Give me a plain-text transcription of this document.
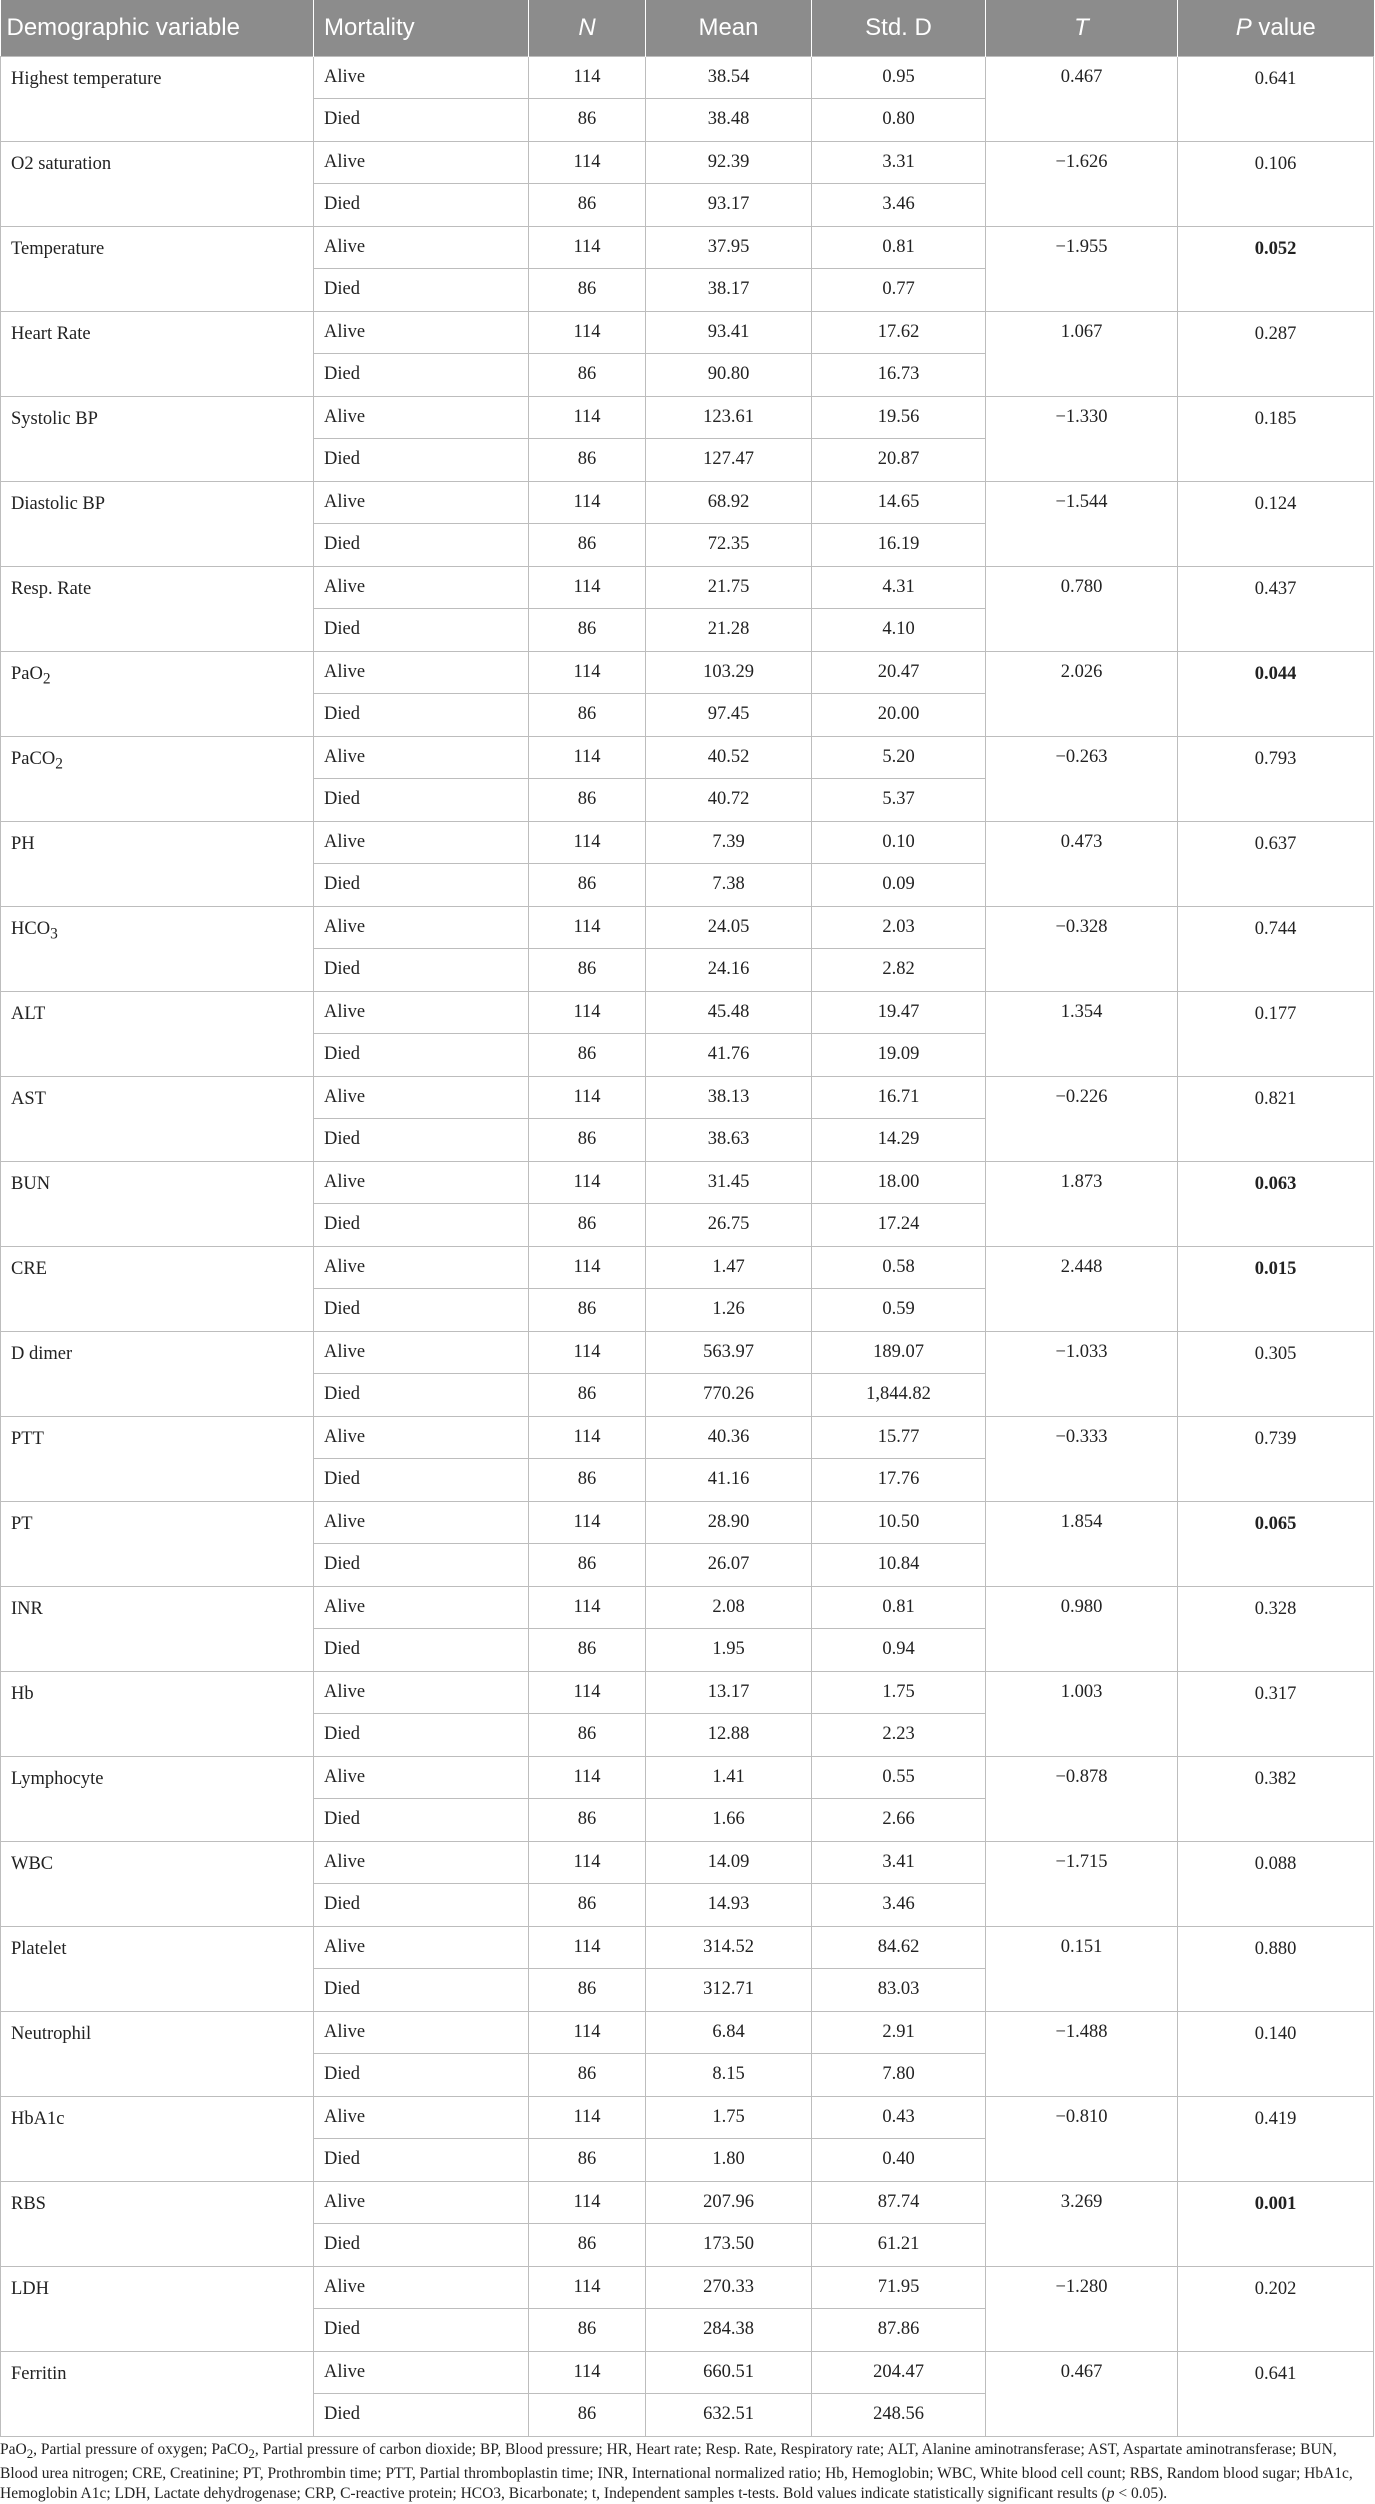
Demographic variable	Mortality	N	Mean	Std. D	T	P value
Highest temperature	Alive	114	38.54	0.95	0.467	0.641
	Died	86	38.48	0.80		
O2 saturation	Alive	114	92.39	3.31	−1.626	0.106
	Died	86	93.17	3.46		
Temperature	Alive	114	37.95	0.81	−1.955	0.052
	Died	86	38.17	0.77		
Heart Rate	Alive	114	93.41	17.62	1.067	0.287
	Died	86	90.80	16.73		
Systolic BP	Alive	114	123.61	19.56	−1.330	0.185
	Died	86	127.47	20.87		
Diastolic BP	Alive	114	68.92	14.65	−1.544	0.124
	Died	86	72.35	16.19		
Resp. Rate	Alive	114	21.75	4.31	0.780	0.437
	Died	86	21.28	4.10		
PaO$_2$	Alive	114	103.29	20.47	2.026	0.044
	Died	86	97.45	20.00		
PaCO$_2$	Alive	114	40.52	5.20	−0.263	0.793
	Died	86	40.72	5.37		
PH	Alive	114	7.39	0.10	0.473	0.637
	Died	86	7.38	0.09		
$HCO_3$	Alive	114	24.05	2.03	−0.328	0.744
	Died	86	24.16	2.82		
ALT	Alive	114	45.48	19.47	1.354	0.177
	Died	86	41.76	19.09		
AST	Alive	114	38.13	16.71	−0.226	0.821
	Died	86	38.63	14.29		
BUN	Alive	114	31.45	18.00	1.873	0.063
	Died	86	26.75	17.24		
CRE	Alive	114	1.47	0.58	2.448	0.015
	Died	86	1.26	0.59		
D dimer	Alive	114	563.97	189.07	−1.033	0.305
	Died	86	770.26	1,844.82		
PTT	Alive	114	40.36	15.77	−0.333	0.739
	Died	86	41.16	17.76		
PT	Alive	114	28.90	10.50	1.854	0.065
	Died	86	26.07	10.84		
INR	Alive	114	2.08	0.81	0.980	0.328
	Died	86	1.95	0.94		
Hb	Alive	114	13.17	1.75	1.003	0.317
	Died	86	12.88	2.23		
Lymphocyte	Alive	114	1.41	0.55	−0.878	0.382
	Died	86	1.66	2.66		
WBC	Alive	114	14.09	3.41	−1.715	0.088
	Died	86	14.93	3.46		
Platelet	Alive	114	314.52	84.62	0.151	0.880
	Died	86	312.71	83.03		
Neutrophil	Alive	114	6.84	2.91	−1.488	0.140
	Died	86	8.15	7.80		
HbA1c	Alive	114	1.75	0.43	−0.810	0.419
	Died	86	1.80	0.40		
RBS	Alive	114	207.96	87.74	3.269	0.001
	Died	86	173.50	61.21		
LDH	Alive	114	270.33	71.95	−1.280	0.202
	Died	86	284.38	87.86		
Ferritin	Alive	114	660.51	204.47	0.467	0.641
	Died	86	632.51	248.56		
PaO$_2$, Partial pressure of oxygen; PaCO$_2$, Partial pressure of carbon dioxide; BP, Blood pressure; HR, Heart rate; Resp. Rate, Respiratory rate; ALT, Alanine aminotransferase; AST, Aspartate aminotransferase; BUN, Blood urea nitrogen; CRE, Creatinine; PT, Prothrombin time; PTT, Partial thromboplastin time; INR, International normalized ratio; Hb, Hemoglobin; WBC, White blood cell count; RBS, Random blood sugar; HbA1c, Hemoglobin A1c; LDH, Lactate dehydrogenase; CRP, C-reactive protein; HCO3, Bicarbonate; t, Independent samples t-tests. Bold values indicate statistically significant results (p < 0.05).
